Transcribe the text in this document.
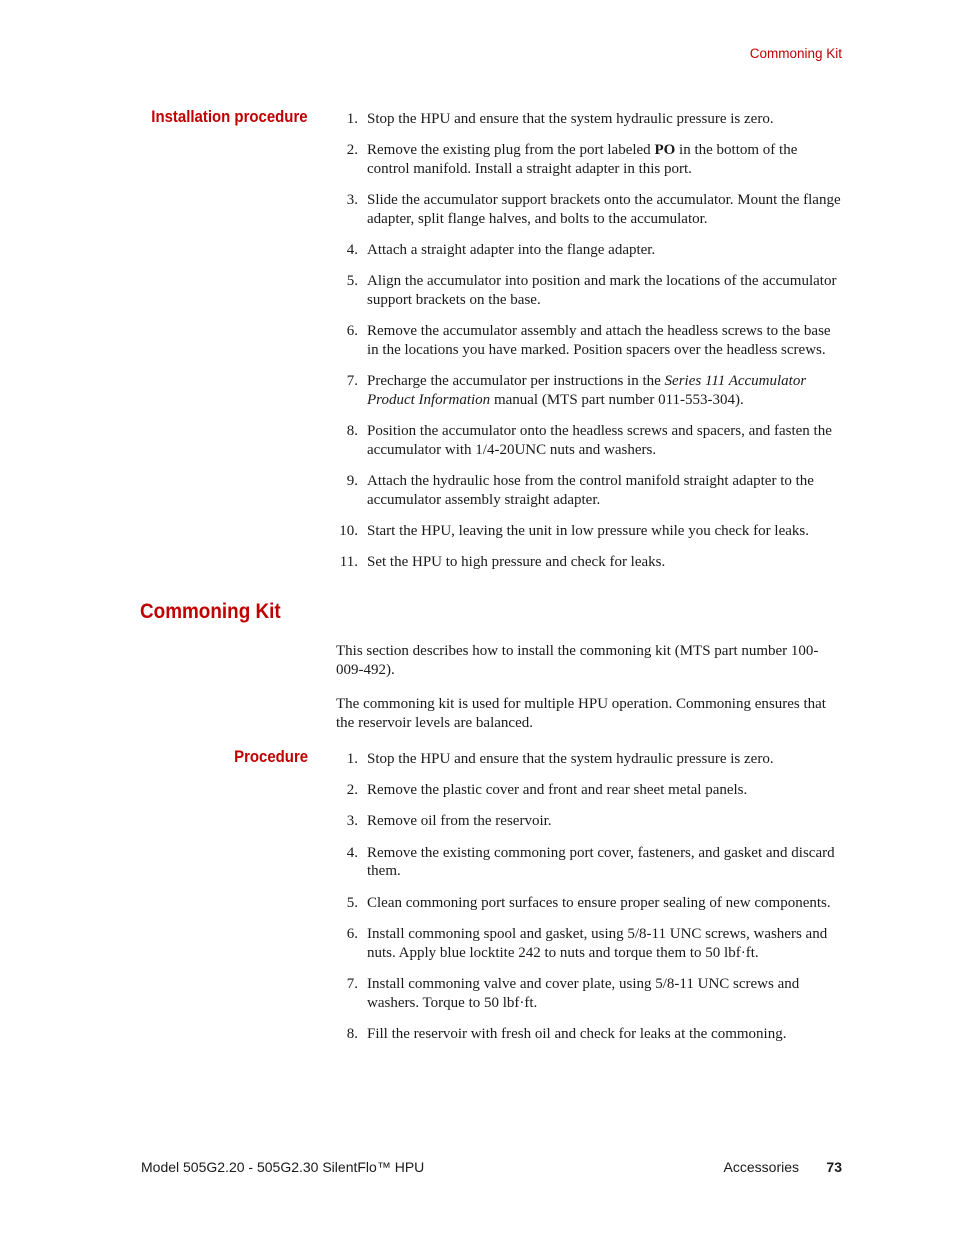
Commoning Kit
Installation procedure	1. Stop the HPU and ensure that the system hydraulic pressure is zero.
2. Remove the existing plug from the port labeled PO in the bottom of the control manifold. Install a straight adapter in this port.
3. Slide the accumulator support brackets onto the accumulator. Mount the flange adapter, split flange halves, and bolts to the accumulator.
4. Attach a straight adapter into the flange adapter.
5. Align the accumulator into position and mark the locations of the accumulator support brackets on the base.
6. Remove the accumulator assembly and attach the headless screws to the base in the locations you have marked. Position spacers over the headless screws.
7. Precharge the accumulator per instructions in the Series 111 Accumulator Product Information manual (MTS part number 011-553-304).
8. Position the accumulator onto the headless screws and spacers, and fasten the accumulator with 1/4-20UNC nuts and washers.
9. Attach the hydraulic hose from the control manifold straight adapter to the accumulator assembly straight adapter.
10. Start the HPU, leaving the unit in low pressure while you check for leaks.
11. Set the HPU to high pressure and check for leaks.
Commoning Kit

This section describes how to install the commoning kit (MTS part number 100-009-492).

The commoning kit is used for multiple HPU operation. Commoning ensures that the reservoir levels are balanced.

Procedure	1. Stop the HPU and ensure that the system hydraulic pressure is zero.
2. Remove the plastic cover and front and rear sheet metal panels.
3. Remove oil from the reservoir.
4. Remove the existing commoning port cover, fasteners, and gasket and discard them.
5. Clean commoning port surfaces to ensure proper sealing of new components.
6. Install commoning spool and gasket, using 5/8-11 UNC screws, washers and nuts. Apply blue locktite 242 to nuts and torque them to 50 lbf·ft.
7. Install commoning valve and cover plate, using 5/8-11 UNC screws and washers. Torque to 50 lbf·ft.
8. Fill the reservoir with fresh oil and check for leaks at the commoning.
Model 505G2.20 - 505G2.30 SilentFlo™ HPU	Accessories 73
